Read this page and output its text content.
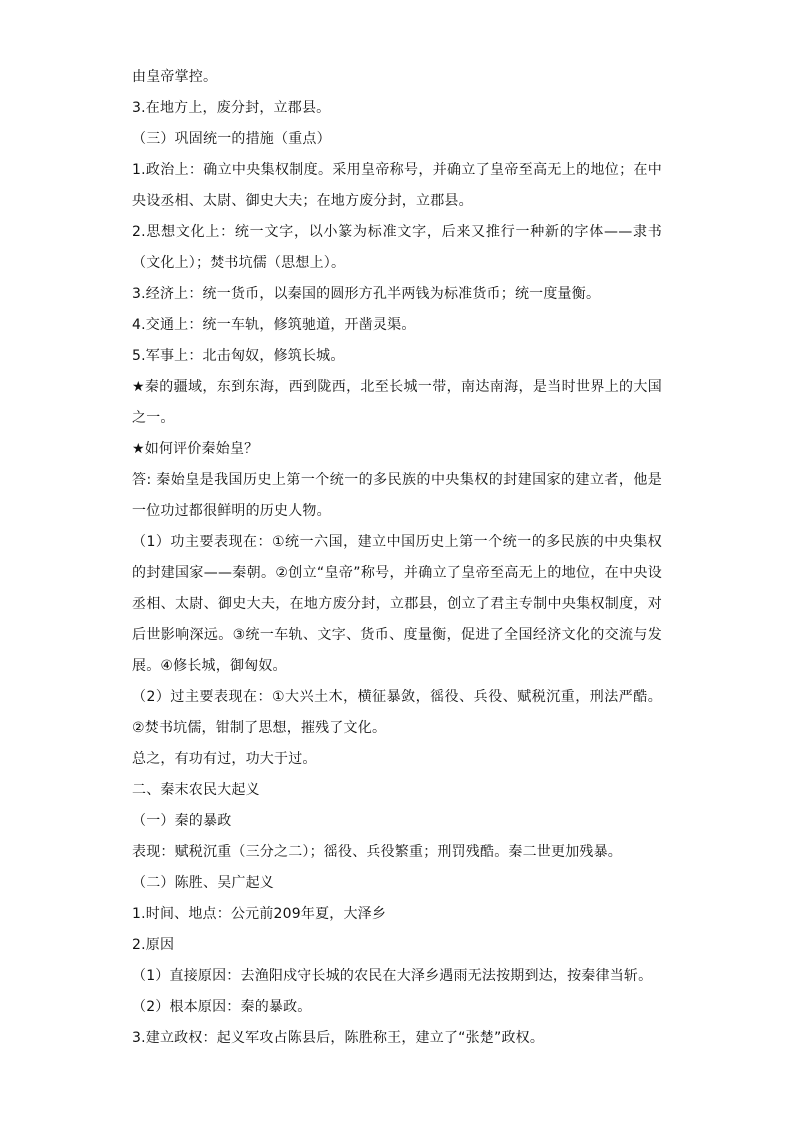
由皇帝掌控。

3.在地方上，废分封，立郡县。

（三）巩固统一的措施（重点）

1.政治上：确立中央集权制度。采用皇帝称号，并确立了皇帝至高无上的地位；在中央设丞相、太尉、御史大夫；在地方废分封，立郡县。

2.思想文化上：统一文字，以小篆为标准文字，后来又推行一种新的字体——隶书（文化上）；焚书坑儒（思想上）。

3.经济上：统一货币，以秦国的圆形方孔半两钱为标准货币；统一度量衡。

4.交通上：统一车轨，修筑驰道，开凿灵渠。

5.军事上：北击匈奴，修筑长城。

★秦的疆域，东到东海，西到陇西，北至长城一带，南达南海，是当时世界上的大国之一。

★如何评价秦始皇？

答: 秦始皇是我国历史上第一个统一的多民族的中央集权的封建国家的建立者，他是一位功过都很鲜明的历史人物。

（1）功主要表现在：①统一六国，建立中国历史上第一个统一的多民族的中央集权的封建国家——秦朝。②创立“皇帝”称号，并确立了皇帝至高无上的地位，在中央设丞相、太尉、御史大夫，在地方废分封，立郡县，创立了君主专制中央集权制度，对后世影响深远。③统一车轨、文字、货币、度量衡，促进了全国经济文化的交流与发展。④修长城，御匈奴。

（2）过主要表现在：①大兴土木，横征暴敛，徭役、兵役、赋税沉重，刑法严酷。②焚书坑儒，钳制了思想，摧残了文化。

总之，有功有过，功大于过。

二、秦末农民大起义

（一）秦的暴政

表现：赋税沉重（三分之二）；徭役、兵役繁重；刑罚残酷。秦二世更加残暴。

（二）陈胜、吴广起义

1.时间、地点：公元前209年夏，大泽乡

2.原因

（1）直接原因：去渔阳戍守长城的农民在大泽乡遇雨无法按期到达，按秦律当斩。

（2）根本原因：秦的暴政。

3.建立政权：起义军攻占陈县后，陈胜称王，建立了“张楚”政权。
